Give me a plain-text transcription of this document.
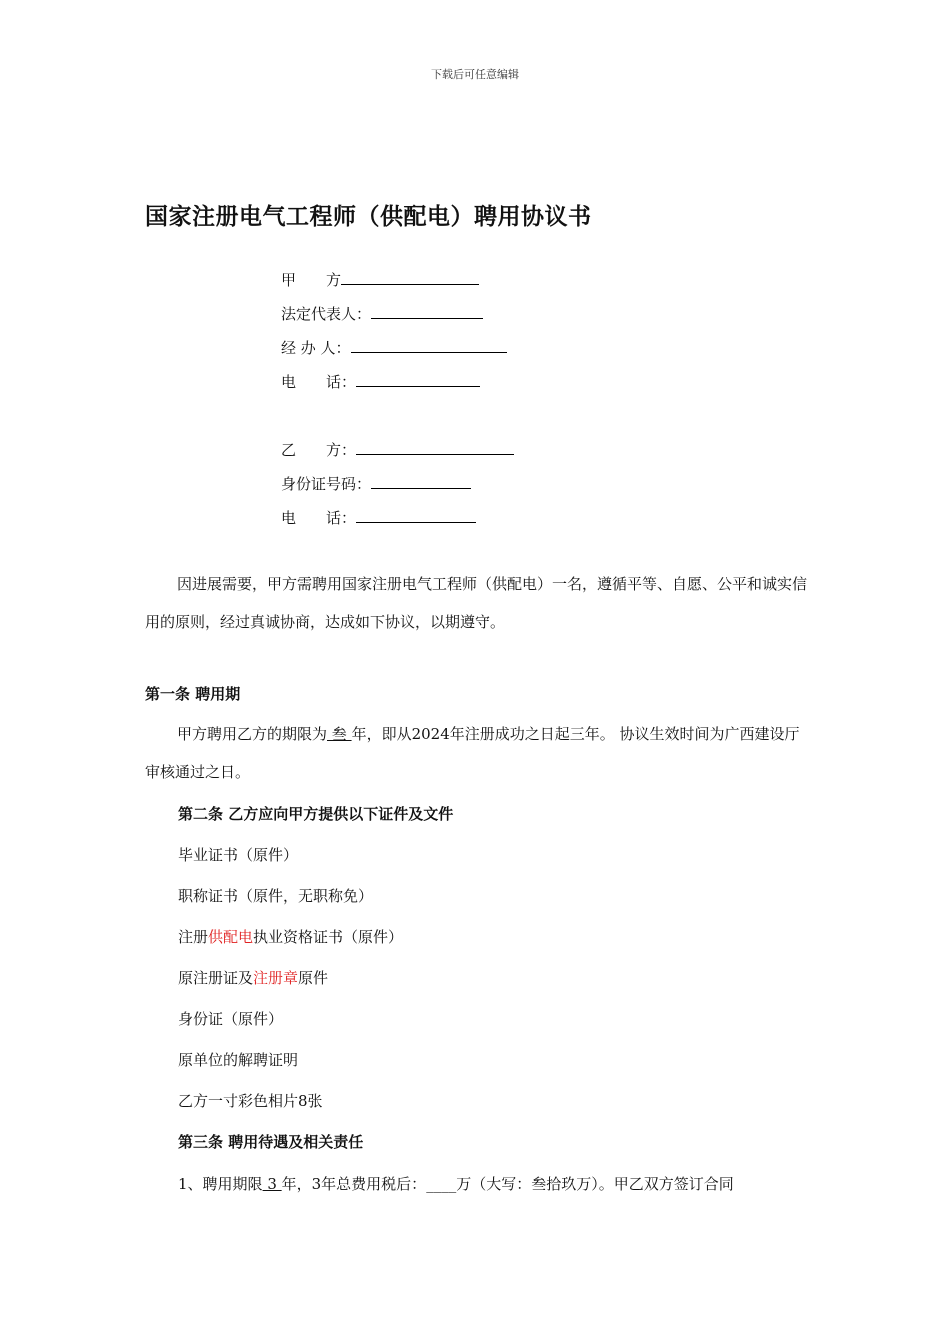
下载后可任意编辑
国家注册电气工程师（供配电）聘用协议书
甲　　方
法定代表人：
经 办 人：
电　　话：
乙　　方：
身份证号码：
电　　话：
因进展需要，甲方需聘用国家注册电气工程师（供配电）一名，遵循平等、自愿、公平和诚实信用的原则，经过真诚协商，达成如下协议，以期遵守。
第一条 聘用期
甲方聘用乙方的期限为 叁 年，即从2024年注册成功之日起三年。 协议生效时间为广西建设厅审核通过之日。
第二条 乙方应向甲方提供以下证件及文件
毕业证书（原件）
职称证书（原件，无职称免）
注册供配电执业资格证书（原件）
原注册证及注册章原件
身份证（原件）
原单位的解聘证明
乙方一寸彩色相片8张
第三条 聘用待遇及相关责任
1、聘用期限 3 年，3年总费用税后：____万（大写：叁拾玖万）。甲乙双方签订合同
